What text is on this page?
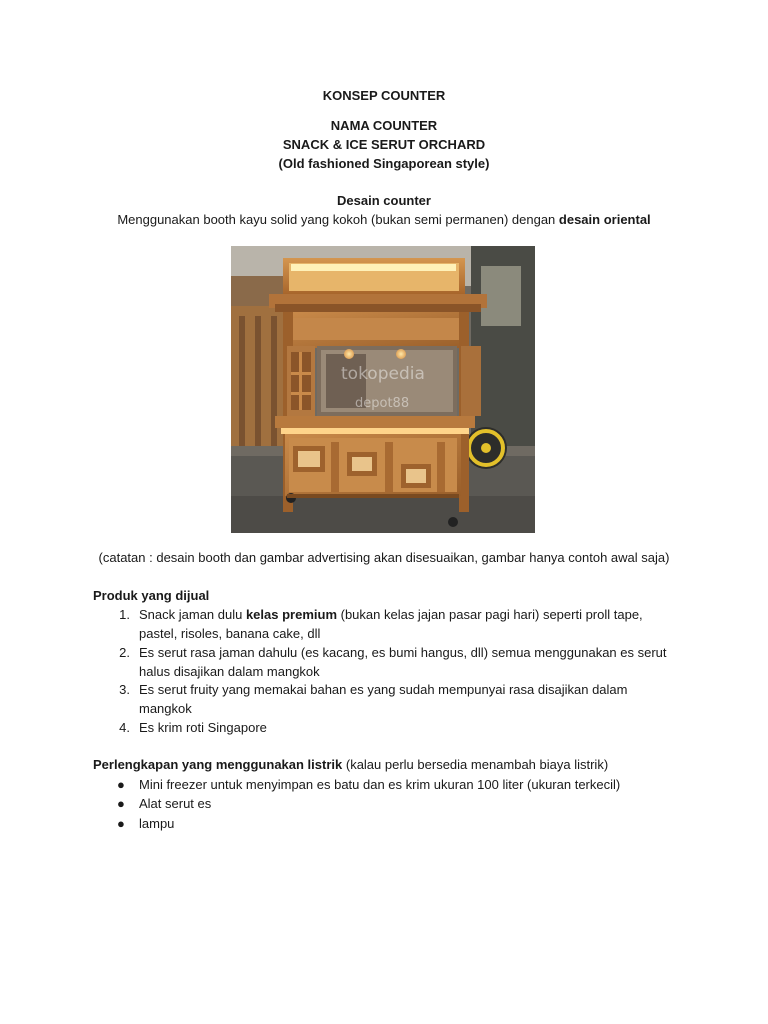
KONSEP COUNTER
NAMA COUNTER
SNACK & ICE SERUT ORCHARD
(Old fashioned Singaporean style)
Desain counter
Menggunakan booth kayu solid yang kokoh (bukan semi permanen) dengan desain oriental
tokopedia
depot88
(catatan : desain booth dan gambar advertising akan disesuaikan, gambar hanya contoh awal saja)
Produk yang dijual
1. Snack jaman dulu kelas premium (bukan kelas jajan pasar pagi hari) seperti proll tape,
pastel, risoles, banana cake, dll
2. Es serut rasa jaman dahulu (es kacang, es bumi hangus, dll) semua menggunakan es serut
halus disajikan dalam mangkok
3. Es serut fruity yang memakai bahan es yang sudah mempunyai rasa disajikan dalam
mangkok
4. Es krim roti Singapore
Perlengkapan yang menggunakan listrik (kalau perlu bersedia menambah biaya listrik)
● Mini freezer untuk menyimpan es batu dan es krim ukuran 100 liter (ukuran terkecil)
● Alat serut es
● lampu
